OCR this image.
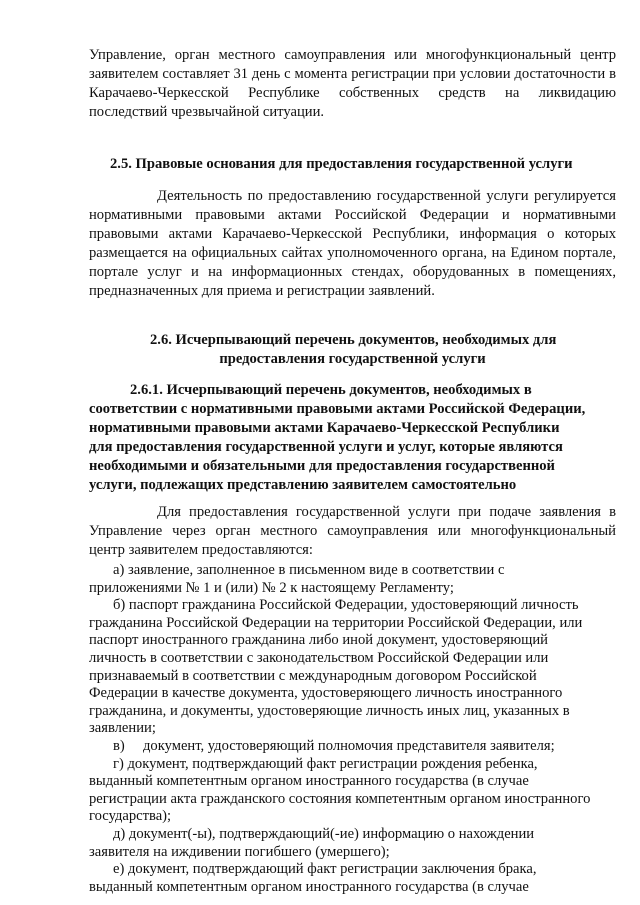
Управление, орган местного самоуправления или многофункциональный центр заявителем составляет 31 день с момента регистрации при условии достаточности в Карачаево-Черкесской Республике собственных средств на ликвидацию последствий чрезвычайной ситуации.

2.5. Правовые основания для предоставления государственной услуги

Деятельность по предоставлению государственной услуги регулируется нормативными правовыми актами Российской Федерации и нормативными правовыми актами Карачаево-Черкесской Республики, информация о которых размещается на официальных сайтах уполномоченного органа, на Едином портале, портале услуг и на информационных стендах, оборудованных в помещениях, предназначенных для приема и регистрации заявлений.

2.6. Исчерпывающий перечень документов, необходимых для

предоставления государственной услуги

2.6.1. Исчерпывающий перечень документов, необходимых в

соответствии с нормативными правовыми актами Российской Федерации,

нормативными правовыми актами Карачаево-Черкесской Республики

для предоставления государственной услуги и услуг, которые являются

необходимыми и обязательными для предоставления государственной

услуги, подлежащих представлению заявителем самостоятельно

Для предоставления государственной услуги при подаче заявления в Управление через орган местного самоуправления или многофункциональный центр заявителем предоставляются:

а) заявление, заполненное в письменном виде в соответствии с

приложениями № 1 и (или) № 2 к настоящему Регламенту;

б) паспорт гражданина Российской Федерации, удостоверяющий личность

гражданина Российской Федерации на территории Российской Федерации, или

паспорт иностранного гражданина либо иной документ, удостоверяющий

личность в соответствии с законодательством Российской Федерации или

признаваемый в соответствии с международным договором Российской

Федерации в качестве документа, удостоверяющего личность иностранного

гражданина, и документы, удостоверяющие личность иных лиц, указанных в

заявлении;

в)     документ, удостоверяющий полномочия представителя заявителя;

г) документ, подтверждающий факт регистрации рождения ребенка,

выданный компетентным органом иностранного государства (в случае

регистрации акта гражданского состояния компетентным органом иностранного

государства);

д) документ(-ы), подтверждающий(-ие) информацию о нахождении

заявителя на иждивении погибшего (умершего);

е) документ, подтверждающий факт регистрации заключения брака,

выданный компетентным органом иностранного государства (в случае
